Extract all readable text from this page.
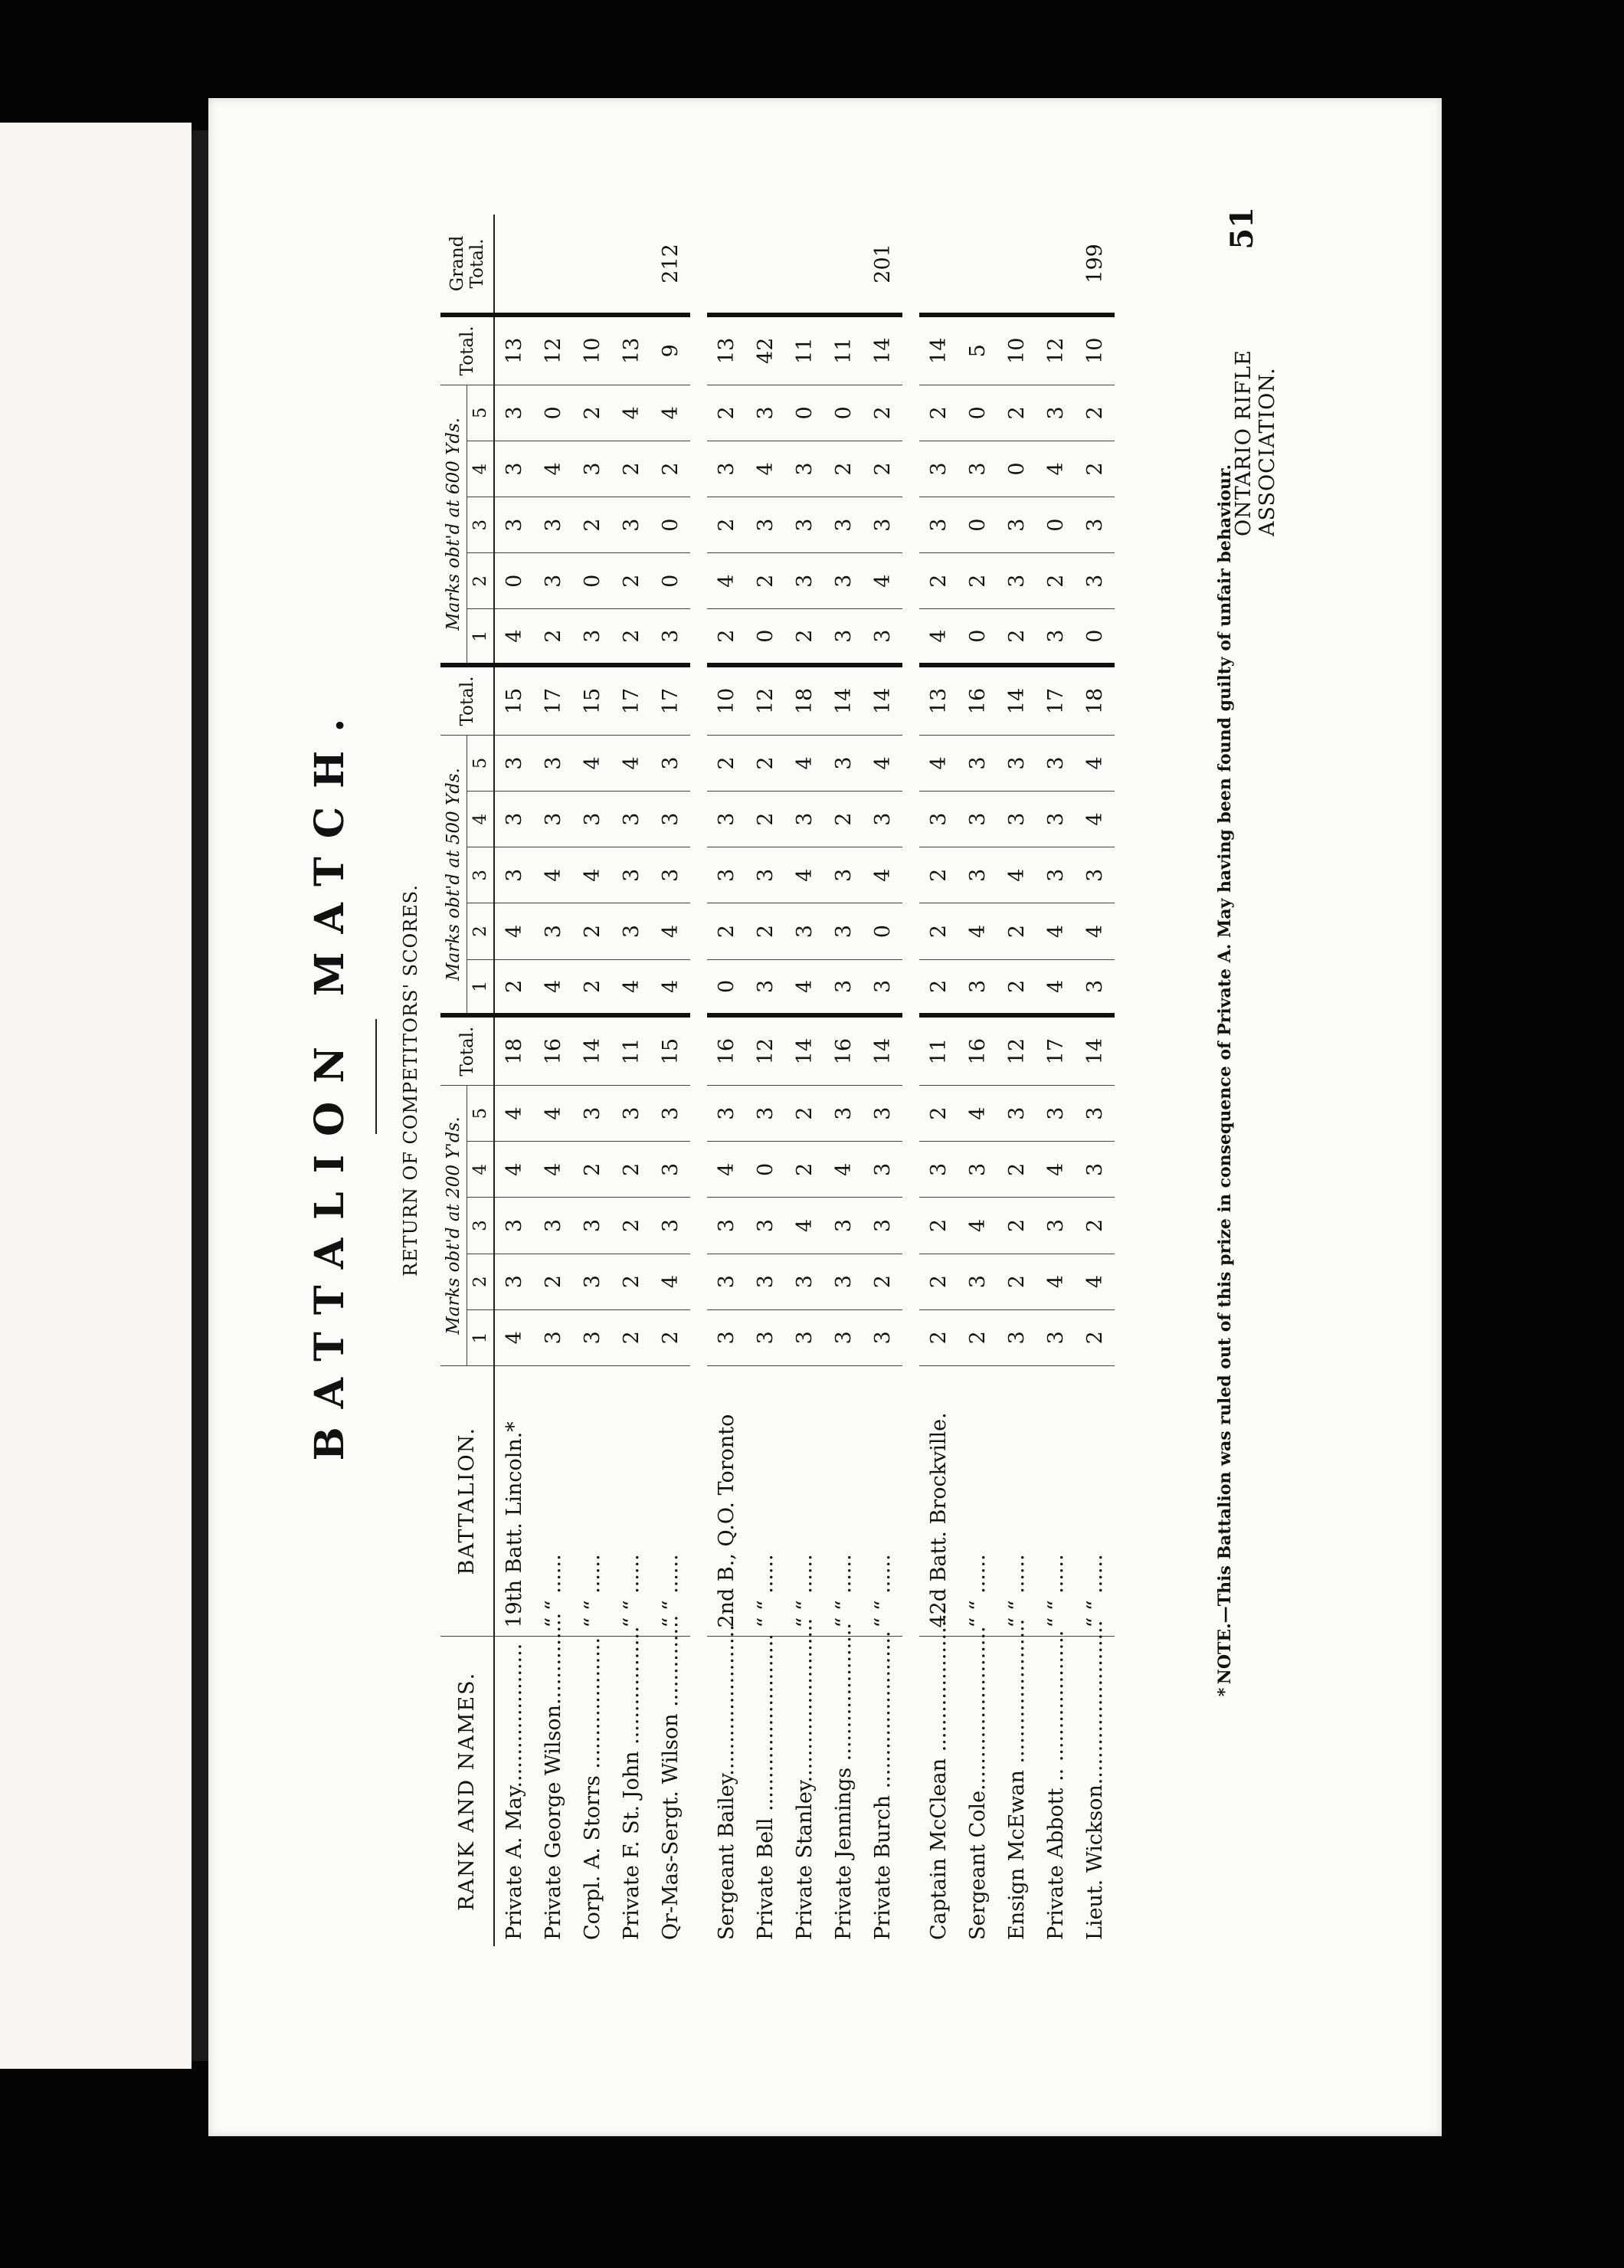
ONTARIO RIFLE ASSOCIATION.
51
BATTALION MATCH.	RETURN OF COMPETITORS' SCORES.
RANK AND NAMES.	BATTALION.	Marks obt'd at 200 Y'ds.					Total.	Marks obt'd at 500 Yds.					Total.	Marks obt'd at 600 Yds.					Total.	Grand Total.
		1	2	3	4	5		1	2	3	4	5		1	2	3	4	5		
Private A. May......................	19th Batt. Lincoln.*	4	3	3	4	4	18	2	4	3	3	3	15	4	0	3	3	3	13	
Private George Wilson..............	“ “ ......	3	2	3	4	4	16	4	3	4	3	3	17	2	3	3	4	0	12	
Corpl. A. Storrs ....................	“ “ ......	3	3	3	2	3	14	2	2	4	3	4	15	3	0	2	3	2	10	
Private F. St. John ..................	“ “ ......	2	2	2	2	3	11	4	3	3	3	4	17	2	2	3	2	4	13	
Qr-Mas-Sergt. Wilson ..............	“ “ ......	2	4	3	3	3	15	4	4	3	3	3	17	3	0	0	2	4	9	212

Sergeant Bailey.......................	2nd B., Q.O. Toronto	3	3	3	4	3	16	0	2	3	3	2	10	2	4	2	3	2	13	
Private Bell ...........................	“ “ ......	3	3	3	0	3	12	3	2	3	2	2	12	0	2	3	4	3	42	
Private Stanley.........................	“ “ ......	3	3	4	2	2	14	4	3	4	3	4	18	2	3	3	3	0	11	
Private Jennings .....................	“ “ ......	3	3	3	4	3	16	3	3	3	2	3	14	3	3	3	2	0	11	
Private Burch ........................	“ “ ......	3	2	3	3	3	14	3	0	4	3	4	14	3	4	3	2	2	14	201

Captain McClean ......................	42d Batt. Brockville.	2	2	2	3	2	11	2	2	2	3	4	13	4	2	3	3	2	14	
Sergeant Cole.........................	“ “ ......	2	3	4	3	4	16	3	4	3	3	3	16	0	2	0	3	0	5	
Ensign McEwan ......................	“ “ ......	3	2	2	2	3	12	2	2	4	3	3	14	2	3	3	0	2	10	
Private Abbott .. ....................	“ “ ......	3	4	3	4	3	17	4	4	3	3	3	17	3	2	0	4	3	12	
Lieut. Wickson.........................	“ “ ......	2	4	2	3	3	14	3	4	3	4	4	18	0	3	3	2	2	10	199
* NOTE.—This Battalion was ruled out of this prize in consequence of Private A. May having been found guilty of unfair behaviour.
